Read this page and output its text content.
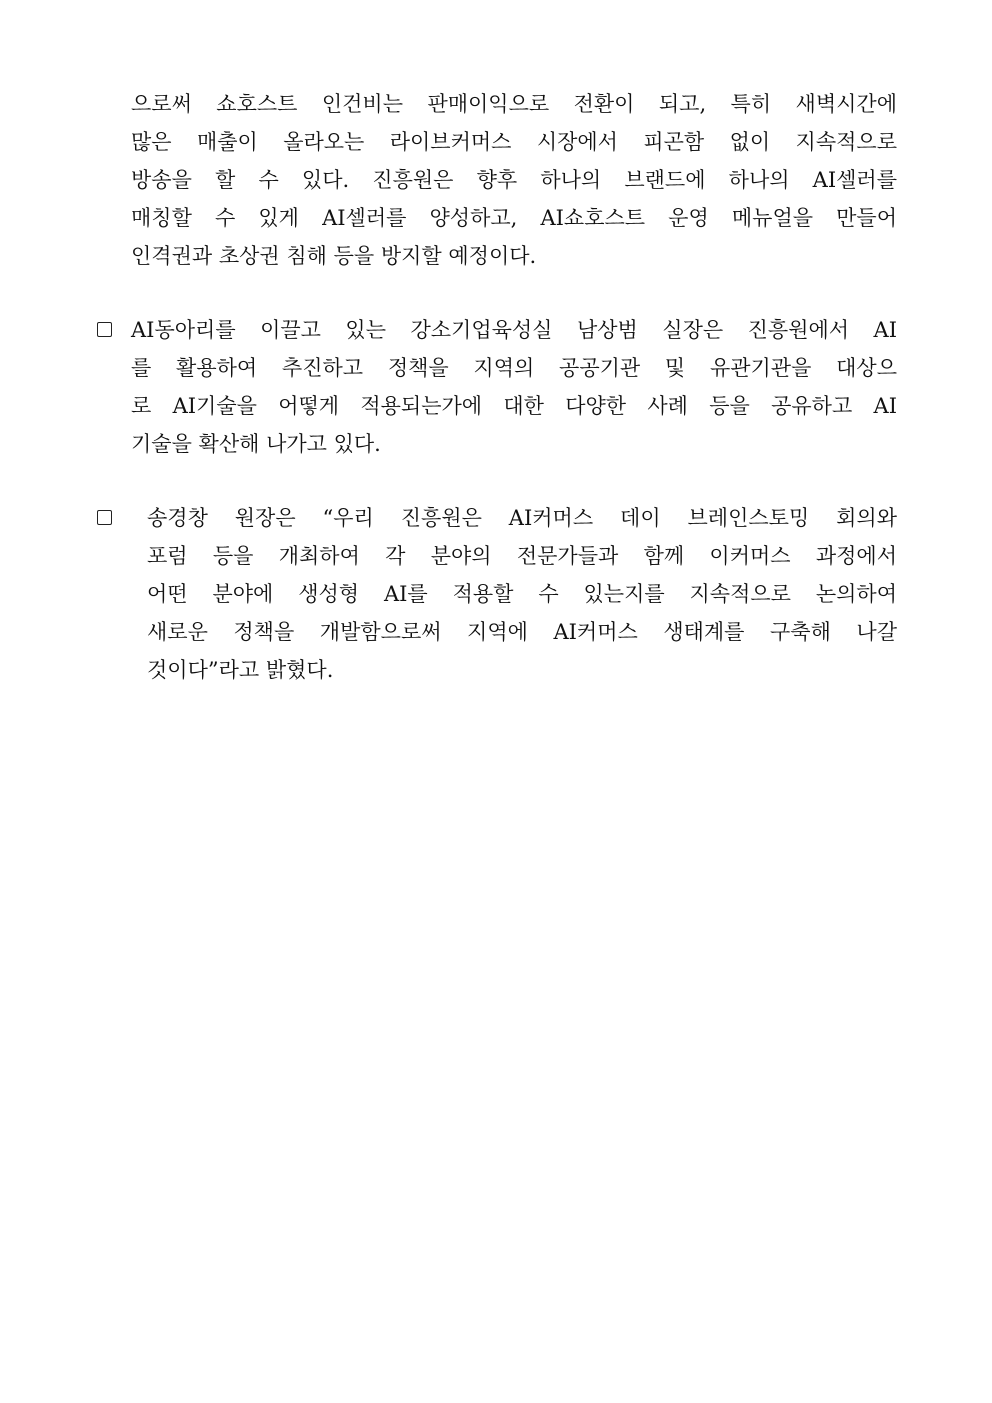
으로써 쇼호스트 인건비는 판매이익으로 전환이 되고, 특히 새벽시간에
많은 매출이 올라오는 라이브커머스 시장에서 피곤함 없이 지속적으로
방송을 할 수 있다. 진흥원은 향후 하나의 브랜드에 하나의 AI셀러를
매칭할 수 있게 AI셀러를 양성하고, AI쇼호스트 운영 메뉴얼을 만들어
인격권과 초상권 침해 등을 방지할 예정이다.
AI동아리를 이끌고 있는 강소기업육성실 남상범 실장은 진흥원에서 AI
를 활용하여 추진하고 정책을 지역의 공공기관 및 유관기관을 대상으
로 AI기술을 어떻게 적용되는가에 대한 다양한 사례 등을 공유하고 AI
기술을 확산해 나가고 있다.
송경창 원장은 “우리 진흥원은 AI커머스 데이 브레인스토밍 회의와
포럼 등을 개최하여 각 분야의 전문가들과 함께 이커머스 과정에서
어떤 분야에 생성형 AI를 적용할 수 있는지를 지속적으로 논의하여
새로운 정책을 개발함으로써 지역에 AI커머스 생태계를 구축해 나갈
것이다”라고 밝혔다.
